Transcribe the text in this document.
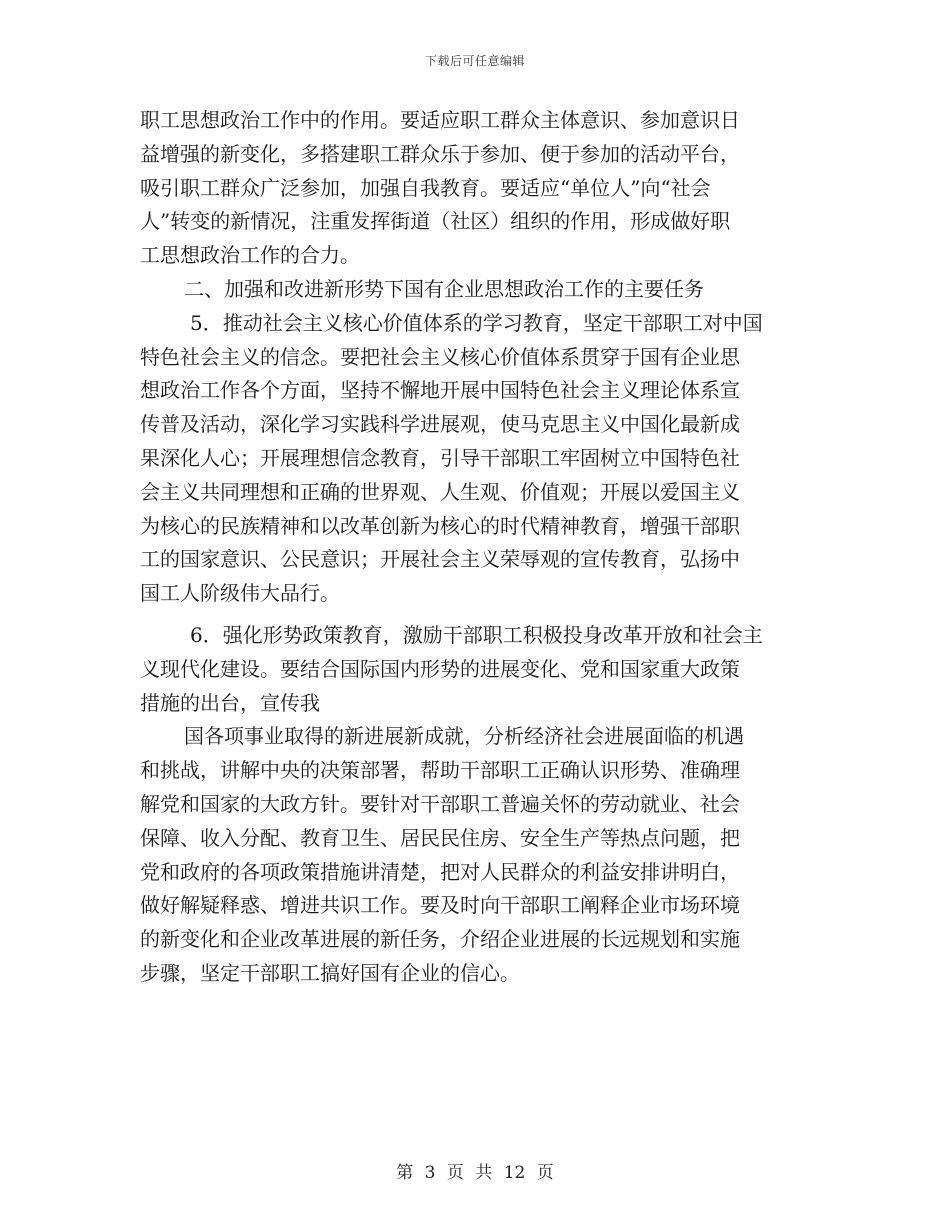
下载后可任意编辑
职工思想政治工作中的作用。要适应职工群众主体意识、参加意识日
益增强的新变化，多搭建职工群众乐于参加、便于参加的活动平台，
吸引职工群众广泛参加，加强自我教育。要适应“单位人”向“社会
人”转变的新情况，注重发挥街道（社区）组织的作用，形成做好职
工思想政治工作的合力。
二、加强和改进新形势下国有企业思想政治工作的主要任务
5．推动社会主义核心价值体系的学习教育，坚定干部职工对中国
特色社会主义的信念。要把社会主义核心价值体系贯穿于国有企业思
想政治工作各个方面，坚持不懈地开展中国特色社会主义理论体系宣
传普及活动，深化学习实践科学进展观，使马克思主义中国化最新成
果深化人心；开展理想信念教育，引导干部职工牢固树立中国特色社
会主义共同理想和正确的世界观、人生观、价值观；开展以爱国主义
为核心的民族精神和以改革创新为核心的时代精神教育，增强干部职
工的国家意识、公民意识；开展社会主义荣辱观的宣传教育，弘扬中
国工人阶级伟大品行。
6．强化形势政策教育，激励干部职工积极投身改革开放和社会主
义现代化建设。要结合国际国内形势的进展变化、党和国家重大政策
措施的出台，宣传我
国各项事业取得的新进展新成就，分析经济社会进展面临的机遇
和挑战，讲解中央的决策部署，帮助干部职工正确认识形势、准确理
解党和国家的大政方针。要针对干部职工普遍关怀的劳动就业、社会
保障、收入分配、教育卫生、居民民住房、安全生产等热点问题，把
党和政府的各项政策措施讲清楚，把对人民群众的利益安排讲明白，
做好解疑释惑、增进共识工作。要及时向干部职工阐释企业市场环境
的新变化和企业改革进展的新任务，介绍企业进展的长远规划和实施
步骤，坚定干部职工搞好国有企业的信心。
第 3 页 共 12 页
